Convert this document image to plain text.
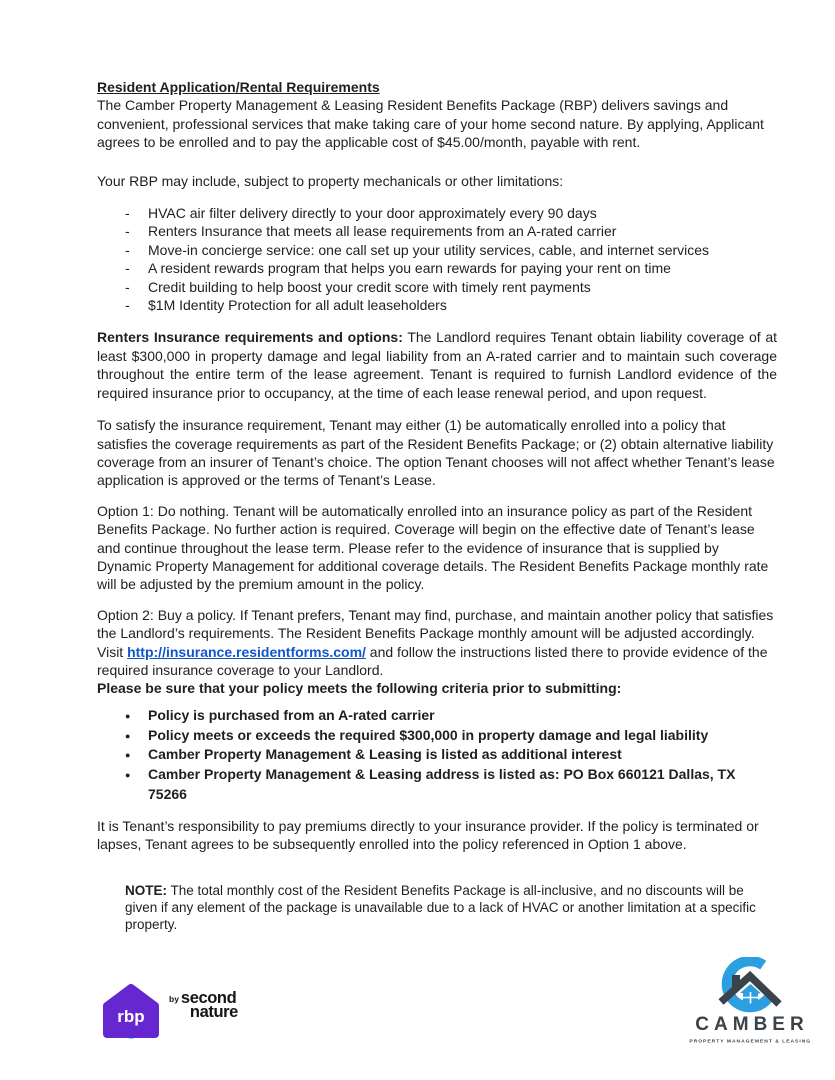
Resident Application/Rental Requirements

The Camber Property Management & Leasing Resident Benefits Package (RBP) delivers savings and convenient, professional services that make taking care of your home second nature. By applying, Applicant agrees to be enrolled and to pay the applicable cost of $45.00/month, payable with rent.

Your RBP may include, subject to property mechanicals or other limitations:

- HVAC air filter delivery directly to your door approximately every 90 days
- Renters Insurance that meets all lease requirements from an A-rated carrier
- Move-in concierge service: one call set up your utility services, cable, and internet services
- A resident rewards program that helps you earn rewards for paying your rent on time
- Credit building to help boost your credit score with timely rent payments
- $1M Identity Protection for all adult leaseholders

Renters Insurance requirements and options: The Landlord requires Tenant obtain liability coverage of at least $300,000 in property damage and legal liability from an A-rated carrier and to maintain such coverage throughout the entire term of the lease agreement. Tenant is required to furnish Landlord evidence of the required insurance prior to occupancy, at the time of each lease renewal period, and upon request.

To satisfy the insurance requirement, Tenant may either (1) be automatically enrolled into a policy that satisfies the coverage requirements as part of the Resident Benefits Package; or (2) obtain alternative liability coverage from an insurer of Tenant’s choice. The option Tenant chooses will not affect whether Tenant’s lease application is approved or the terms of Tenant’s Lease.

Option 1: Do nothing. Tenant will be automatically enrolled into an insurance policy as part of the Resident Benefits Package. No further action is required. Coverage will begin on the effective date of Tenant’s lease and continue throughout the lease term. Please refer to the evidence of insurance that is supplied by Dynamic Property Management for additional coverage details. The Resident Benefits Package monthly rate will be adjusted by the premium amount in the policy.

Option 2: Buy a policy. If Tenant prefers, Tenant may find, purchase, and maintain another policy that satisfies the Landlord’s requirements. The Resident Benefits Package monthly amount will be adjusted accordingly. Visit http://insurance.residentforms.com/ and follow the instructions listed there to provide evidence of the required insurance coverage to your Landlord.

Please be sure that your policy meets the following criteria prior to submitting:

● Policy is purchased from an A-rated carrier
● Policy meets or exceeds the required $300,000 in property damage and legal liability
● Camber Property Management & Leasing is listed as additional interest
● Camber Property Management & Leasing address is listed as: PO Box 660121 Dallas, TX 75266

It is Tenant’s responsibility to pay premiums directly to your insurance provider. If the policy is terminated or lapses, Tenant agrees to be subsequently enrolled into the policy referenced in Option 1 above.

NOTE: The total monthly cost of the Resident Benefits Package is all-inclusive, and no discounts will be given if any element of the package is unavailable due to a lack of HVAC or another limitation at a specific property.

rbp
by second
nature
CAMBER
PROPERTY MANAGEMENT & LEASING
